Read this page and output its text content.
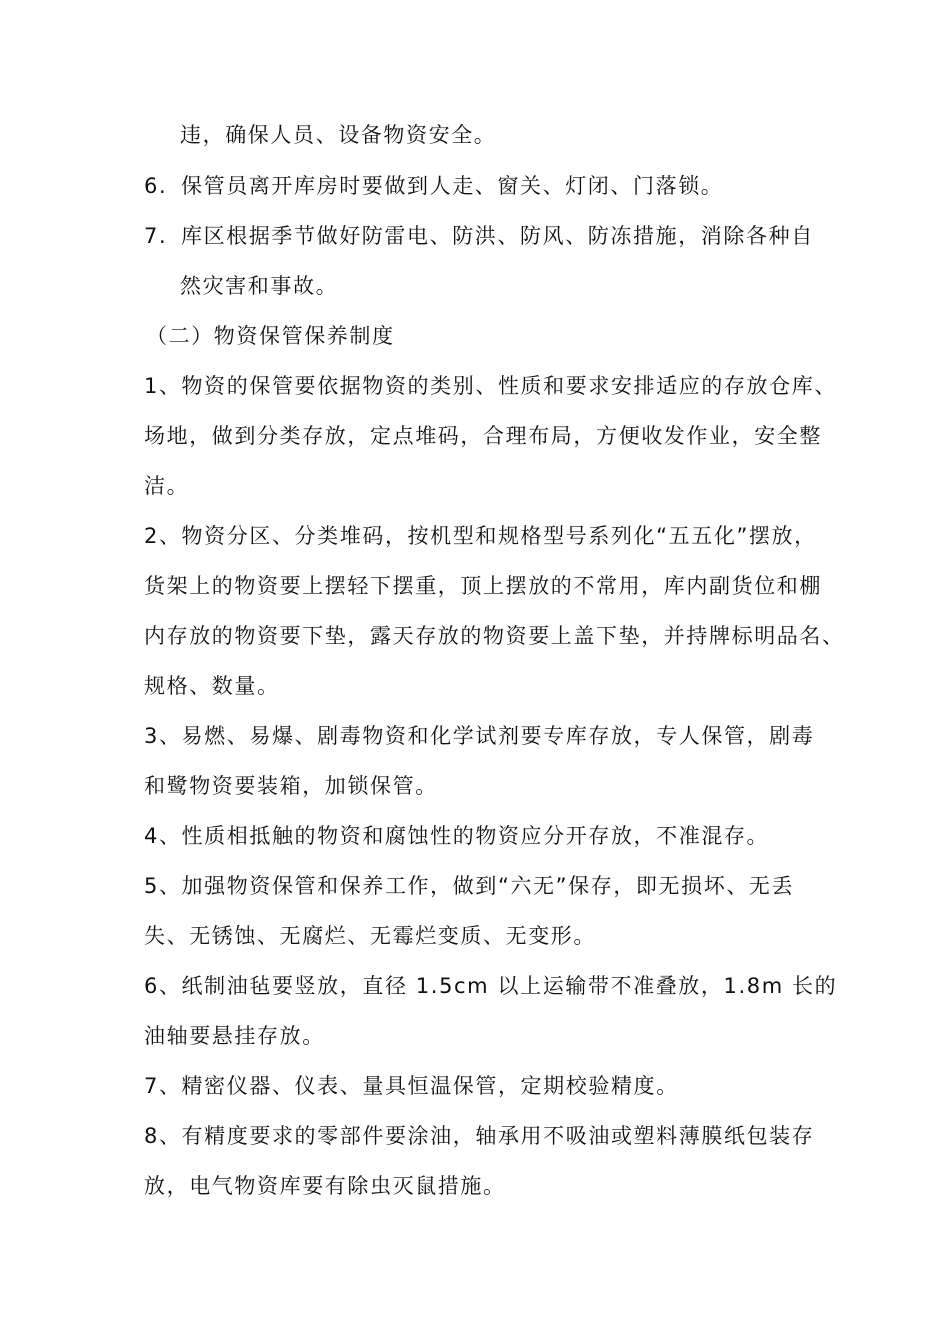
违，确保人员、设备物资安全。
6. 保管员离开库房时要做到人走、窗关、灯闭、门落锁。
7. 库区根据季节做好防雷电、防洪、防风、防冻措施，消除各种自
然灾害和事故。
（二）物资保管保养制度
1、物资的保管要依据物资的类别、性质和要求安排适应的存放仓库、
场地，做到分类存放，定点堆码，合理布局，方便收发作业，安全整
洁。
2、物资分区、分类堆码，按机型和规格型号系列化“五五化”摆放，
货架上的物资要上摆轻下摆重，顶上摆放的不常用，库内副货位和棚
内存放的物资要下垫，露天存放的物资要上盖下垫，并持牌标明品名、
规格、数量。
3、易燃、易爆、剧毒物资和化学试剂要专库存放，专人保管，剧毒
和鹭物资要装箱，加锁保管。
4、性质相抵触的物资和腐蚀性的物资应分开存放，不准混存。
5、加强物资保管和保养工作，做到“六无”保存，即无损坏、无丢
失、无锈蚀、无腐烂、无霉烂变质、无变形。
6、纸制油毡要竖放，直径 1.5cm 以上运输带不准叠放，1.8m 长的
油轴要悬挂存放。
7、精密仪器、仪表、量具恒温保管，定期校验精度。
8、有精度要求的零部件要涂油，轴承用不吸油或塑料薄膜纸包装存
放，电气物资库要有除虫灭鼠措施。
